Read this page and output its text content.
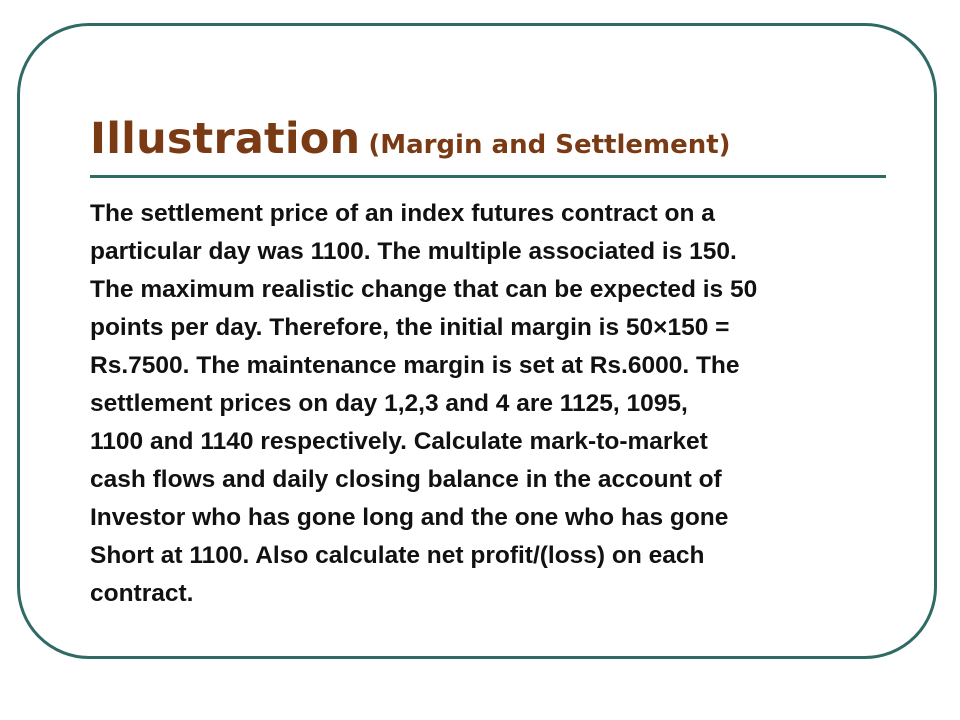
Illustration (Margin and Settlement)

The settlement price of an index futures contract on a
particular day was 1100. The multiple associated is 150.
The maximum realistic change that can be expected is 50
points per day. Therefore, the initial margin is 50×150 =
Rs.7500. The maintenance margin is set at Rs.6000. The
settlement prices on day 1,2,3 and 4 are 1125, 1095,
1100 and 1140 respectively. Calculate mark-to-market
cash flows and daily closing balance in the account of
Investor who has gone long and the one who has gone
Short at 1100. Also calculate net profit/(loss) on each
contract.
